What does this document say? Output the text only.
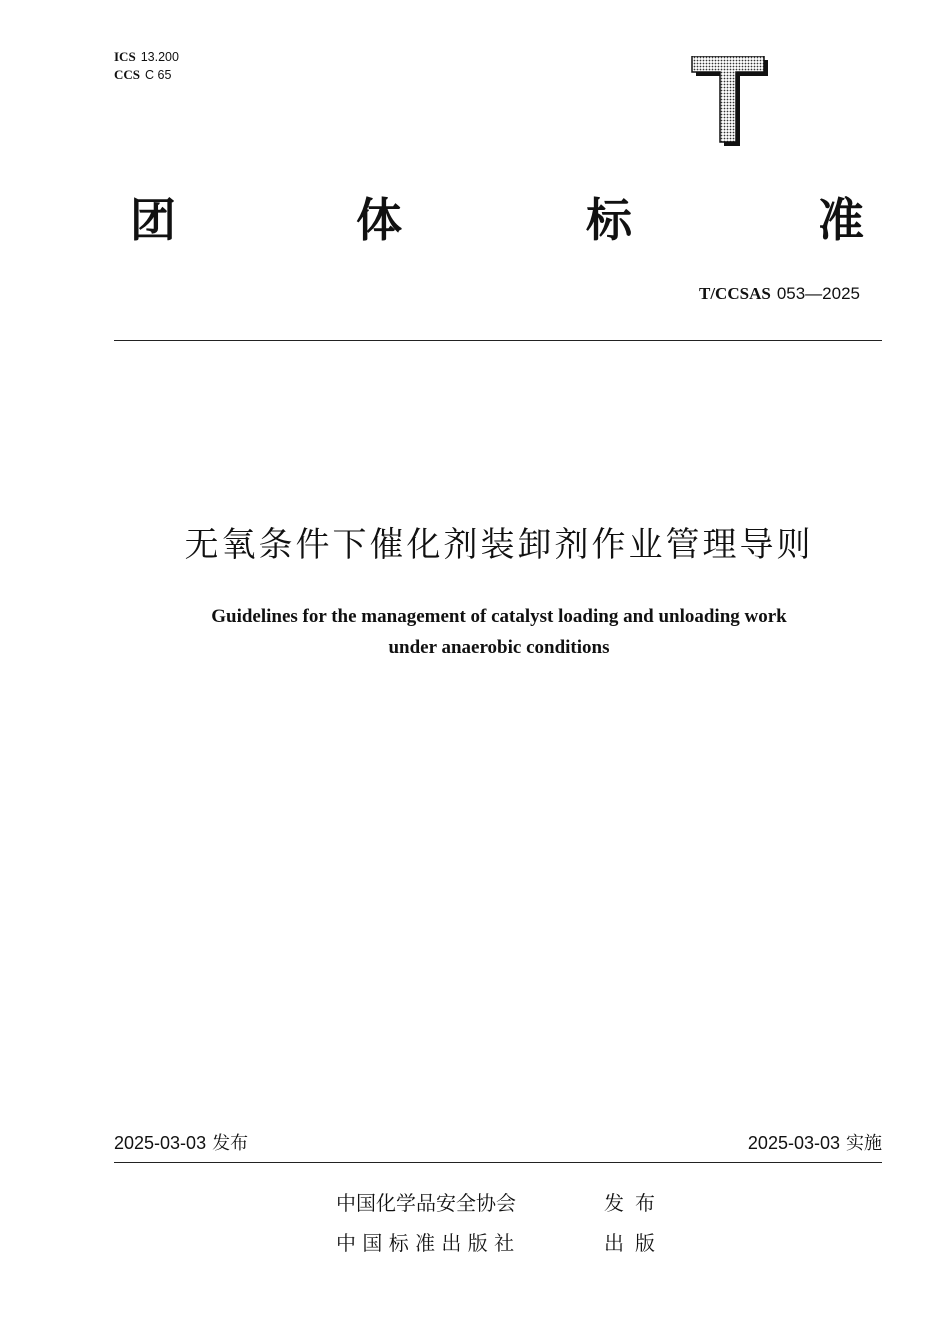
ICS 13.200
CCS C 65
团	体	标	准
T/CCSAS 053—2025
无氧条件下催化剂装卸剂作业管理导则
Guidelines for the management of catalyst loading and unloading work
under anaerobic conditions
2025-03-03 发布	2025-03-03 实施
中国化学品安全协会	发布
中 国 标 准 出 版 社	出版
